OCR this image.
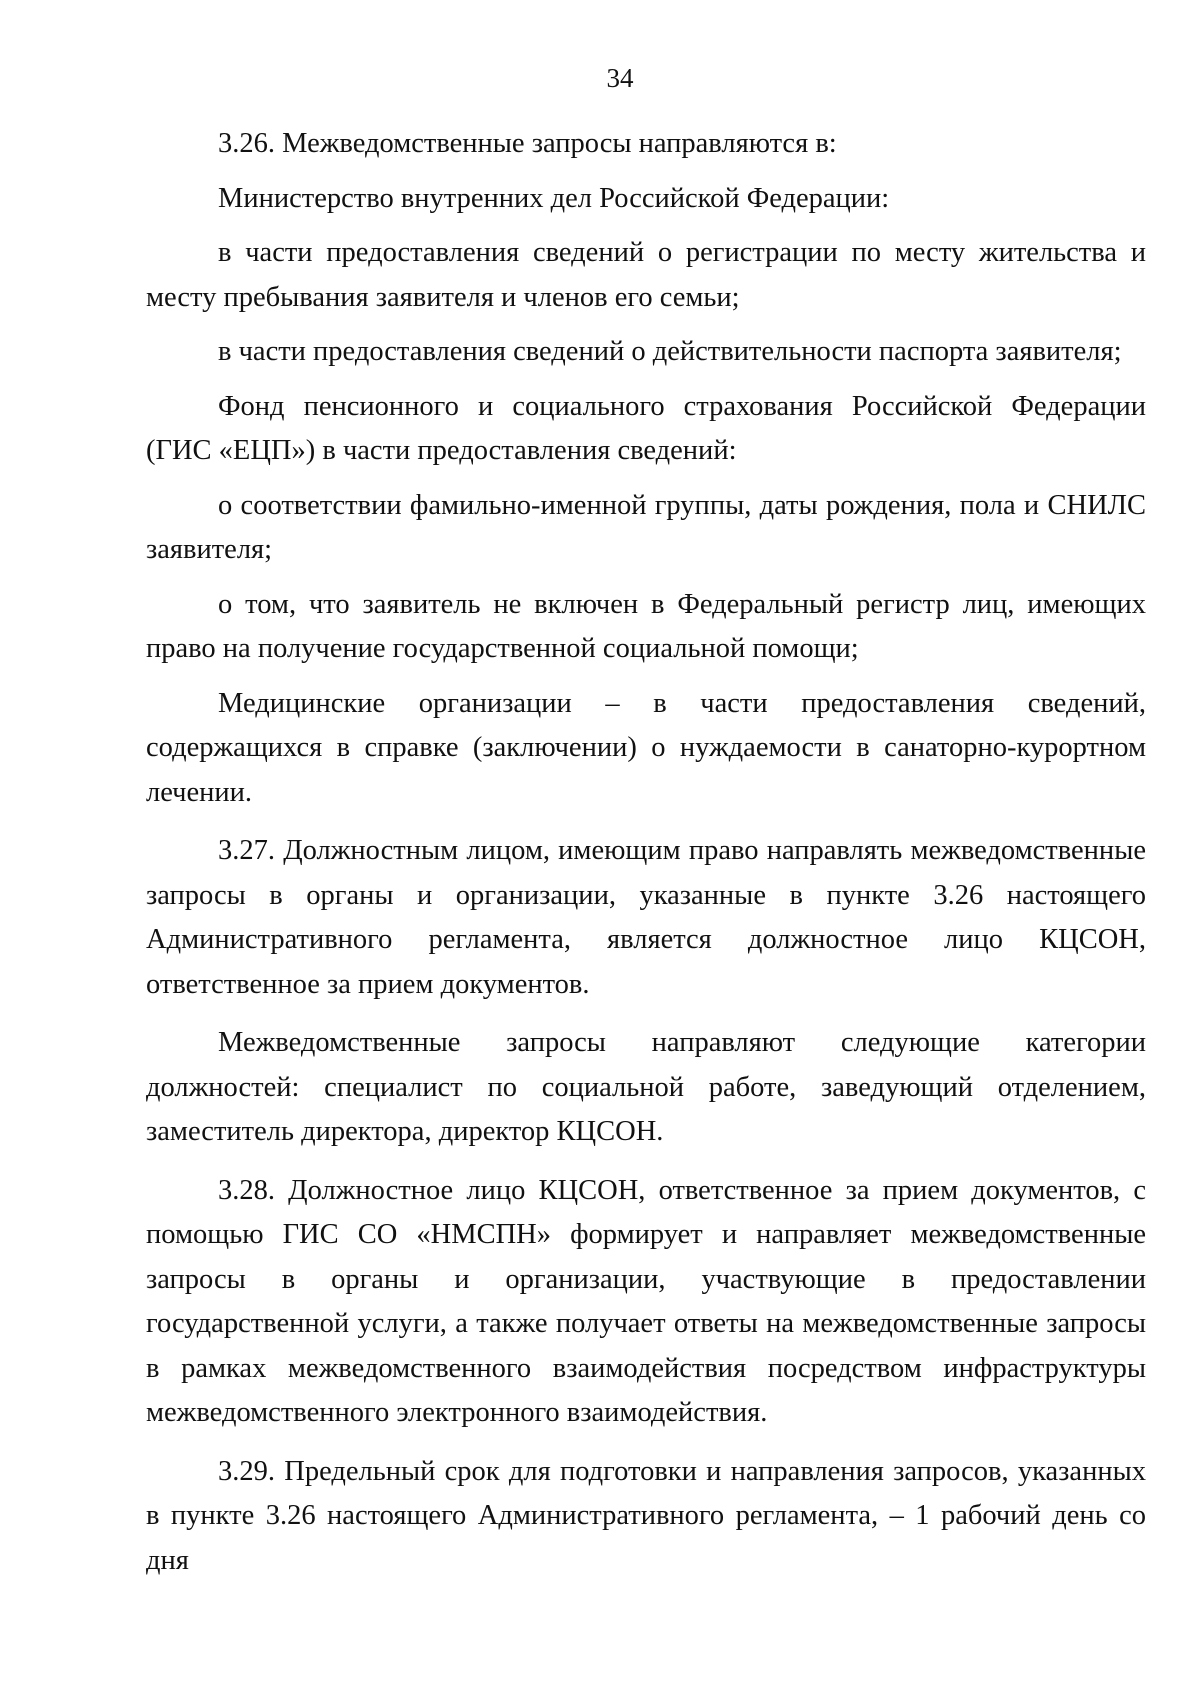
34

3.26. Межведомственные запросы направляются в:

Министерство внутренних дел Российской Федерации:

в части предоставления сведений о регистрации по месту жительства и месту пребывания заявителя и членов его семьи;

в части предоставления сведений о действительности паспорта заявителя;

Фонд пенсионного и социального страхования Российской Федерации (ГИС «ЕЦП») в части предоставления сведений:

о соответствии фамильно-именной группы, даты рождения, пола и СНИЛС заявителя;

о том, что заявитель не включен в Федеральный регистр лиц, имеющих право на получение государственной социальной помощи;

Медицинские организации – в части предоставления сведений, содержащихся в справке (заключении) о нуждаемости в санаторно-курортном лечении.

3.27. Должностным лицом, имеющим право направлять межведомственные запросы в органы и организации, указанные в пункте 3.26 настоящего Административного регламента, является должностное лицо КЦСОН, ответственное за прием документов.

Межведомственные запросы направляют следующие категории должностей: специалист по социальной работе, заведующий отделением, заместитель директора, директор КЦСОН.

3.28. Должностное лицо КЦСОН, ответственное за прием документов, с помощью ГИС СО «НМСПН» формирует и направляет межведомственные запросы в органы и организации, участвующие в предоставлении государственной услуги, а также получает ответы на межведомственные запросы в рамках межведомственного взаимодействия посредством инфраструктуры межведомственного электронного взаимодействия.

3.29. Предельный срок для подготовки и направления запросов, указанных в пункте 3.26 настоящего Административного регламента, – 1 рабочий день со дня
